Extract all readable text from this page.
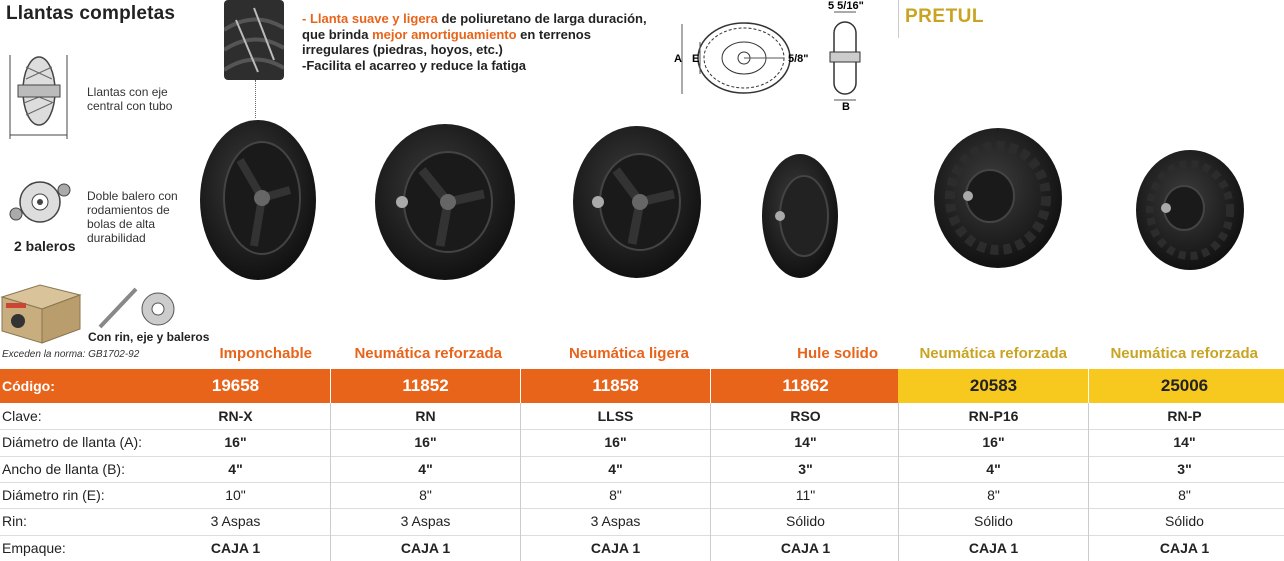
Llantas completas
Llantas con eje central con tubo
Doble balero con rodamientos de bolas de alta durabilidad
2 baleros
Con rin, eje y baleros
Exceden la norma: GB1702-92
- Llanta suave y ligera de poliuretano de larga duración,
que brinda mejor amortiguamiento en terrenos
irregulares (piedras, hoyos, etc.)
-Facilita el acarreo y reduce la fatiga	A E	5/8"
5 5/16"
B
PRETUL
Imponchable	Neumática reforzada	Neumática ligera	Hule solido	Neumática reforzada	Neumática reforzada
Código:	19658	11852	11858	11862	20583	25006
Clave:	RN-X	RN	LLSS	RSO	RN-P16	RN-P
Diámetro de llanta (A):	16"	16"	16"	14"	16"	14"
Ancho de llanta (B):	4"	4"	4"	3"	4"	3"
Diámetro rin (E):	10"	8"	8"	11"	8"	8"
Rin:	3 Aspas	3 Aspas	3 Aspas	Sólido	Sólido	Sólido
Empaque:	CAJA 1	CAJA 1	CAJA 1	CAJA 1	CAJA 1	CAJA 1
